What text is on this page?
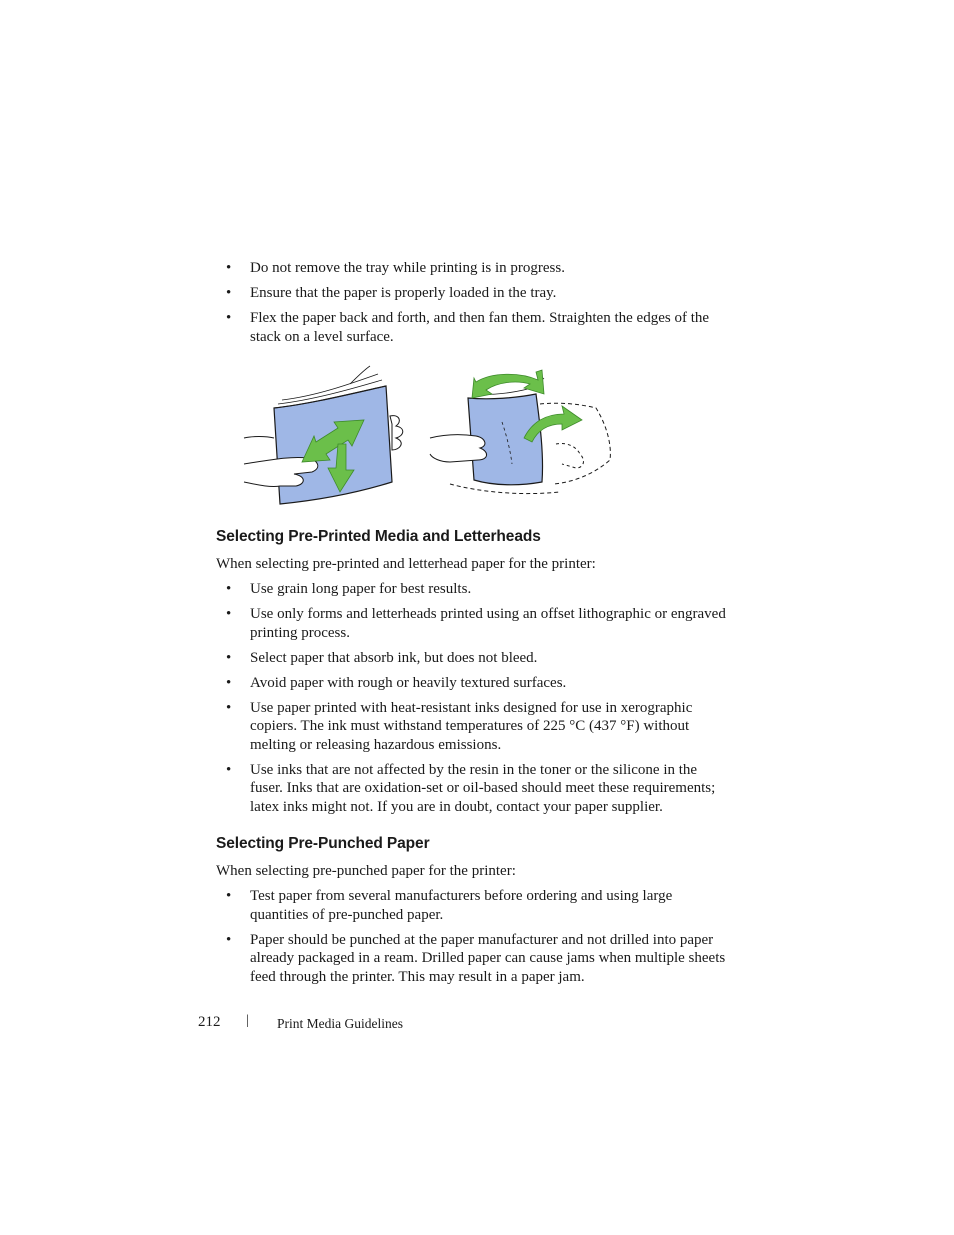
• Do not remove the tray while printing is in progress.
• Ensure that the paper is properly loaded in the tray.
• Flex the paper back and forth, and then fan them. Straighten the edges of the stack on a level surface.
Selecting Pre-Printed Media and Letterheads
When selecting pre-printed and letterhead paper for the printer:
• Use grain long paper for best results.
• Use only forms and letterheads printed using an offset lithographic or engraved printing process.
• Select paper that absorb ink, but does not bleed.
• Avoid paper with rough or heavily textured surfaces.
• Use paper printed with heat-resistant inks designed for use in xerographic copiers. The ink must withstand temperatures of 225 °C (437 °F) without melting or releasing hazardous emissions.
• Use inks that are not affected by the resin in the toner or the silicone in the fuser. Inks that are oxidation-set or oil-based should meet these requirements; latex inks might not. If you are in doubt, contact your paper supplier.
Selecting Pre-Punched Paper
When selecting pre-punched paper for the printer:
• Test paper from several manufacturers before ordering and using large quantities of pre-punched paper.
• Paper should be punched at the paper manufacturer and not drilled into paper already packaged in a ream. Drilled paper can cause jams when multiple sheets feed through the printer. This may result in a paper jam.
212 | Print Media Guidelines
